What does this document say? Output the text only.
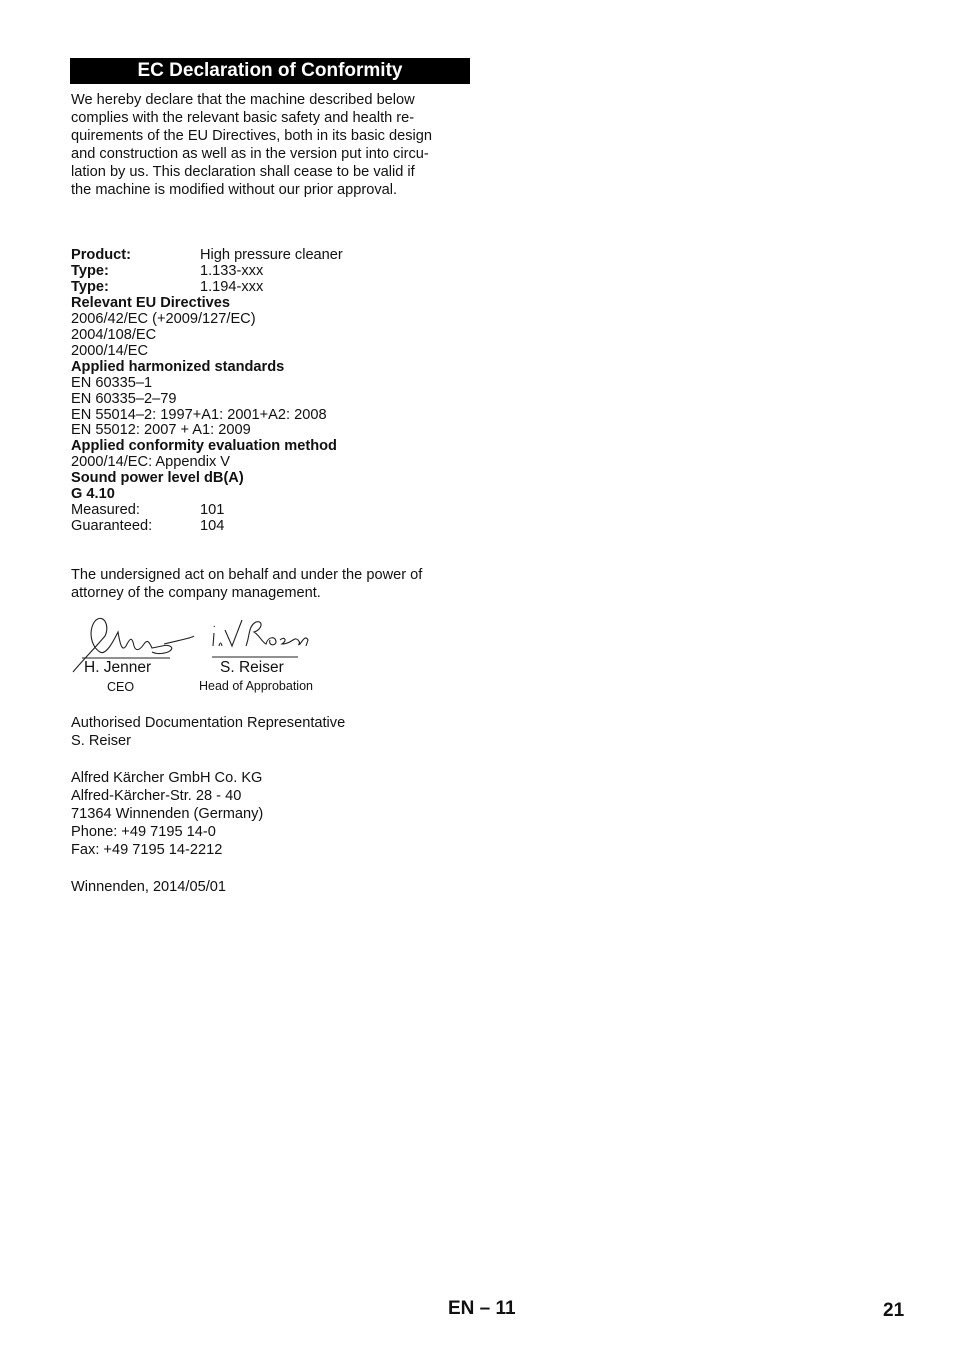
EC Declaration of Conformity
We hereby declare that the machine described below
complies with the relevant basic safety and health re-
quirements of the EU Directives, both in its basic design
and construction as well as in the version put into circu-
lation by us. This declaration shall cease to be valid if
the machine is modified without our prior approval.
Product:	High pressure cleaner
Type:	1.133-xxx
Type:	1.194-xxx
Relevant EU Directives
2006/42/EC (+2009/127/EC)
2004/108/EC
2000/14/EC
Applied harmonized standards
EN 60335–1
EN 60335–2–79
EN 55014–2: 1997+A1: 2001+A2: 2008
EN 55012: 2007 + A1: 2009
Applied conformity evaluation method
2000/14/EC: Appendix V
Sound power level dB(A)
G 4.10
Measured:	101
Guaranteed:	104
The undersigned act on behalf and under the power of
attorney of the company management.
H. Jenner
CEO
S. Reiser
Head of Approbation
Authorised Documentation Representative
S. Reiser
Alfred Kärcher GmbH Co. KG
Alfred-Kärcher-Str. 28 - 40
71364 Winnenden (Germany)
Phone: +49 7195 14-0
Fax: +49 7195 14-2212
Winnenden, 2014/05/01
EN – 11	21
